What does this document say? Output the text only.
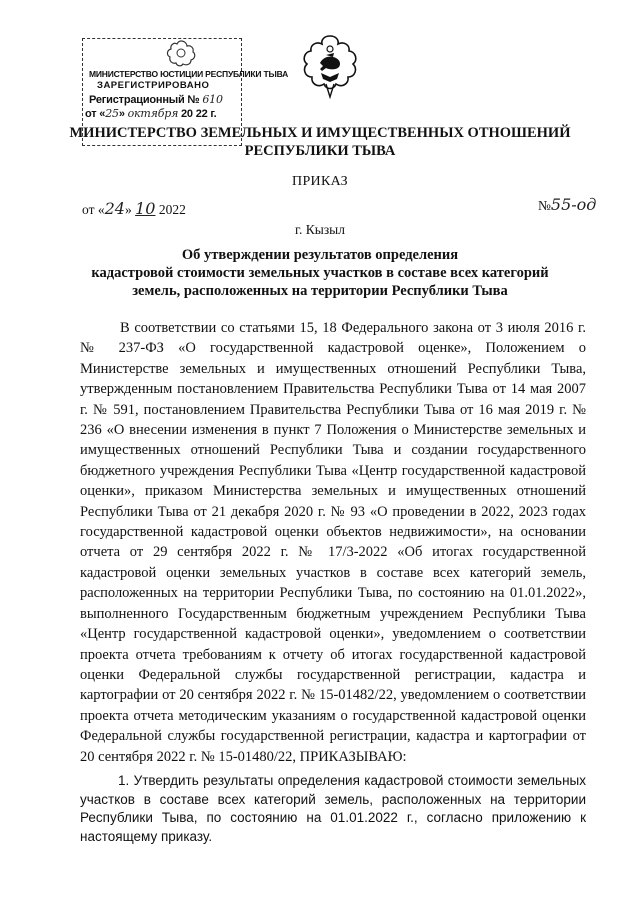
МИНИСТЕРСТВО ЮСТИЦИИ РЕСПУБЛИКИ ТЫВА
ЗАРЕГИСТРИРОВАНО
Регистрационный № 610
от «25» октября 20 22 г.
МИНИСТЕРСТВО ЗЕМЕЛЬНЫХ И ИМУЩЕСТВЕННЫХ ОТНОШЕНИЙ
РЕСПУБЛИКИ ТЫВА
ПРИКАЗ
от «24» 10 2022	№55-од
г. Кызыл
Об утверждении результатов определения
кадастровой стоимости земельных участков в составе всех категорий
земель, расположенных на территории Республики Тыва

В соответствии со статьями 15, 18 Федерального закона от 3 июля 2016 г. № 237-ФЗ «О государственной кадастровой оценке», Положением о Министерстве земельных и имущественных отношений Республики Тыва, утвержденным постановлением Правительства Республики Тыва от 14 мая 2007 г. № 591, постановлением Правительства Республики Тыва от 16 мая 2019 г. № 236 «О внесении изменения в пункт 7 Положения о Министерстве земельных и имущественных отношений Республики Тыва и создании государственного бюджетного учреждения Республики Тыва «Центр государственной кадастровой оценки», приказом Министерства земельных и имущественных отношений Республики Тыва от 21 декабря 2020 г. № 93 «О проведении в 2022, 2023 годах государственной кадастровой оценки объектов недвижимости», на основании отчета от 29 сентября 2022 г. № 17/3-2022 «Об итогах государственной кадастровой оценки земельных участков в составе всех категорий земель, расположенных на территории Республики Тыва, по состоянию на 01.01.2022», выполненного Государственным бюджетным учреждением Республики Тыва «Центр государственной кадастровой оценки», уведомлением о соответствии проекта отчета требованиям к отчету об итогах государственной кадастровой оценки Федеральной службы государственной регистрации, кадастра и картографии от 20 сентября 2022 г. № 15-01482/22, уведомлением о соответствии проекта отчета методическим указаниям о государственной кадастровой оценки Федеральной службы государственной регистрации, кадастра и картографии от 20 сентября 2022 г. № 15-01480/22, ПРИКАЗЫВАЮ:

1. Утвердить результаты определения кадастровой стоимости земельных участков в составе всех категорий земель, расположенных на территории Республики Тыва, по состоянию на 01.01.2022 г., согласно приложению к настоящему приказу.
